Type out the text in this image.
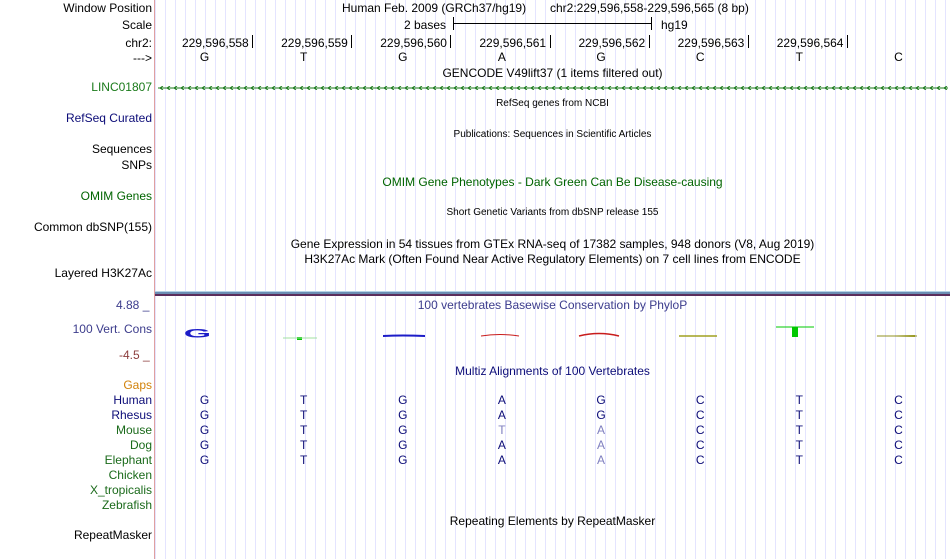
Window Position	Human Feb. 2009 (GRCh37/hg19) chr2:229,596,558-229,596,565 (8 bp)
Scale	2 bases	hg19
chr2:	229,596,558	229,596,559	229,596,560	229,596,561	229,596,562	229,596,563	229,596,564
--->	G	T	G	A	G	C	T	C
GENCODE V49lift37 (1 items filtered out)
LINC01807
RefSeq genes from NCBI
RefSeq Curated
Publications: Sequences in Scientific Articles
Sequences
SNPs
OMIM Gene Phenotypes - Dark Green Can Be Disease-causing
OMIM Genes
Short Genetic Variants from dbSNP release 155
Common dbSNP(155)
Gene Expression in 54 tissues from GTEx RNA-seq of 17382 samples, 948 donors (V8, Aug 2019)
H3K27Ac Mark (Often Found Near Active Regulatory Elements) on 7 cell lines from ENCODE
Layered H3K27Ac
4.88 _	100 vertebrates Basewise Conservation by PhyloP
100 Vert. Cons G
-4.5 _
Multiz Alignments of 100 Vertebrates
Gaps
Human	G	T	G	A	G	C	T	C
Rhesus	G	T	G	A	G	C	T	C
Mouse	G	T	G	T	A	C	T	C
Dog	G	T	G	A	A	C	T	C
Elephant	G	T	G	A	A	C	T	C
Chicken
X_tropicalis
Zebrafish
Repeating Elements by RepeatMasker
RepeatMasker
